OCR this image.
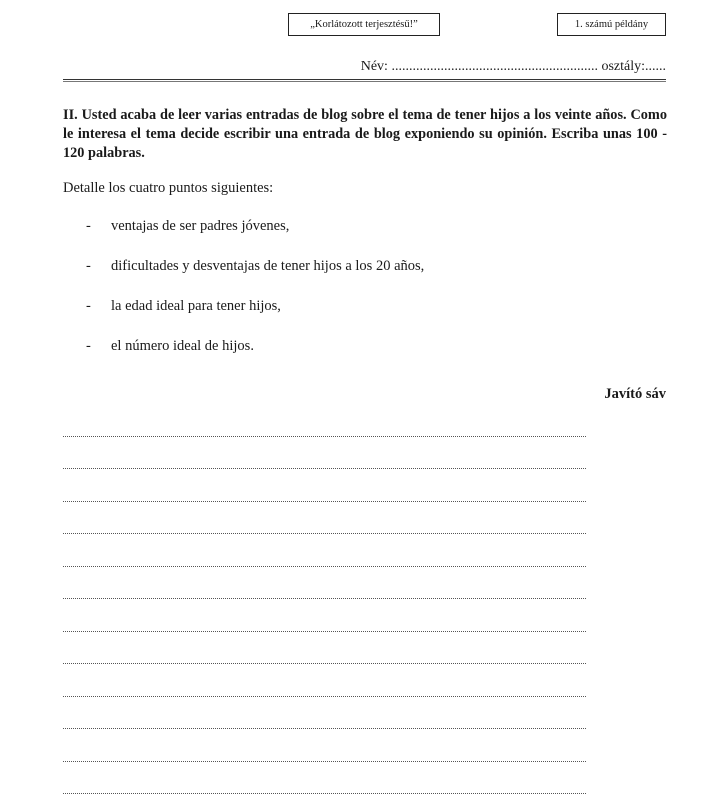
„Korlátozott terjesztésű!”	1. számú példány
Név: ........................................................... osztály:......

II. Usted acaba de leer varias entradas de blog sobre el tema de tener hijos a los veinte años. Como le interesa el tema decide escribir una entrada de blog exponiendo su opinión. Escriba unas 100 - 120 palabras.

Detalle los cuatro puntos siguientes:

-	ventajas de ser padres jóvenes,
-	dificultades y desventajas de tener hijos a los 20 años,
-	la edad ideal para tener hijos,
-	el número ideal de hijos.
Javító sáv
